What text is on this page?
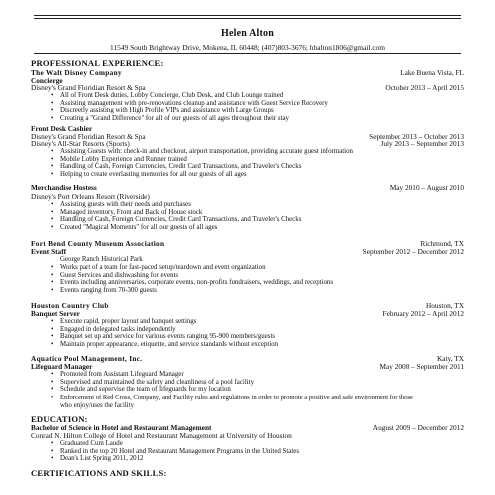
Helen Alton
11549 South Brightway Drive, Mokena, IL 60448; (407)803-3676; hhalton1806@gmail.com
PROFESSIONAL EXPERIENCE:
The Walt Disney Company	Lake Buena Vista, FL
Concierge
Disney's Grand Floridian Resort & Spa	October 2013 – April 2015
• All of Front Desk duties, Lobby Concierge, Club Desk, and Club Lounge trained
• Assisting management with pre-renovations cleanup and assistance with Guest Service Recovery
• Discreetly assisting with High Profile VIPs and assistance with Large Groups
• Creating a "Grand Difference" for all of our guests of all ages throughout their stay
Front Desk Cashier
Disney's Grand Floridian Resort & Spa	September 2013 – October 2013
Disney's All-Star Resorts (Sports)	July 2013 – September 2013
• Assisting Guests with: check-in and checkout, airport transportation, providing accurate guest information
• Mobile Lobby Experience and Runner trained
• Handling of Cash, Foreign Currencies, Credit Card Transactions, and Traveler's Checks
• Helping to create everlasting memories for all our guests of all ages
Merchandise Hostess	May 2010 – August 2010
Disney's Port Orleans Resort (Riverside)
• Assisting guests with their needs and purchases
• Managed inventory, Front and Back of House stock
• Handling of Cash, Foreign Currencies, Credit Card Transactions, and Traveler's Checks
• Created "Magical Moments" for all our guests of all ages
Fort Bend County Museum Association	Richmond, TX
Event Staff	September 2012 – December 2012
George Ranch Historical Park
• Works part of a team for fast-paced setup/teardown and event organization
• Guest Services and dishwashing for events
• Events including anniversaries, corporate events, non-profits fundraisers, weddings, and receptions
• Events ranging from 70-300 guests
Houston Country Club	Houston, TX
Banquet Server	February 2012 – April 2012
• Execute rapid, proper layout and banquet settings
• Engaged in delegated tasks independently
• Banquet set up and service for various events ranging 95-900 members/guests
• Maintain proper appearance, etiquette, and service standards without exception
Aquatico Pool Management, Inc.	Katy, TX
Lifeguard Manager	May 2008 – September 2011
• Promoted from Assistant Lifeguard Manager
• Supervised and maintained the safety and cleanliness of a pool facility
• Schedule and supervise the team of lifeguards for my location
• Enforcement of Red Cross, Company, and Facility rules and regulations in order to promote a positive and safe environment for those
who enjoy/uses the facility
EDUCATION:
Bachelor of Science in Hotel and Restaurant Management	August 2009 – December 2012
Conrad N. Hilton College of Hotel and Restaurant Management at University of Houston
• Graduated Cum Laude
• Ranked in the top 20 Hotel and Restaurant Management Programs in the United States
• Dean's List Spring 2011, 2012
CERTIFICATIONS AND SKILLS:
